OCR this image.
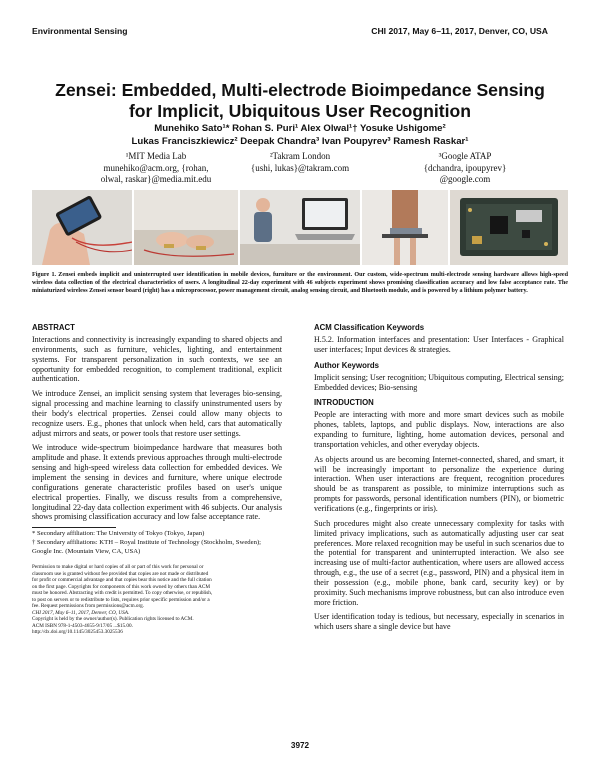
Environmental Sensing	CHI 2017, May 6–11, 2017, Denver, CO, USA
Zensei: Embedded, Multi-electrode Bioimpedance Sensing
for Implicit, Ubiquitous User Recognition
Munehiko Sato¹* Rohan S. Puri¹ Alex Olwal¹† Yosuke Ushigome²
Lukas Franciszkiewicz² Deepak Chandra³ Ivan Poupyrev³ Ramesh Raskar¹
¹MIT Media Lab
munehiko@acm.org, {rohan,
olwal, raskar}@media.mit.edu
²Takram London
{ushi, lukas}@takram.com
³Google ATAP
{dchandra, ipoupyrev}
@google.com
Figure 1. Zensei embeds implicit and uninterrupted user identification in mobile devices, furniture or the environment. Our custom, wide-spectrum multi-electrode sensing hardware allows high-speed wireless data collection of the electrical characteristics of users. A longitudinal 22-day experiment with 46 subjects experiment shows promising classification accuracy and low false acceptance rate. The miniaturized wireless Zensei sensor board (right) has a microprocessor, power management circuit, analog sensing circuit, and Bluetooth module, and is powered by a lithium polymer battery.
ABSTRACT

Interactions and connectivity is increasingly expanding to shared objects and environments, such as furniture, vehicles, lighting, and entertainment systems. For transparent personalization in such contexts, we see an opportunity for embedded recognition, to complement traditional, explicit authentication.

We introduce Zensei, an implicit sensing system that leverages bio-sensing, signal processing and machine learning to classify uninstrumented users by their body's electrical properties. Zensei could allow many objects to recognize users. E.g., phones that unlock when held, cars that automatically adjust mirrors and seats, or power tools that restore user settings.

We introduce wide-spectrum bioimpedance hardware that measures both amplitude and phase. It extends previous approaches through multi-electrode sensing and high-speed wireless data collection for embedded devices. We implement the sensing in devices and furniture, where unique electrode configurations generate characteristic profiles based on user's unique electrical properties. Finally, we discuss results from a comprehensive, longitudinal 22-day data collection experiment with 46 subjects. Our analysis shows promising classification accuracy and low false acceptance rate.

* Secondary affiliation: The University of Tokyo (Tokyo, Japan)

† Secondary affiliations: KTH – Royal Institute of Technology (Stockholm, Sweden); Google Inc. (Mountain View, CA, USA)

Permission to make digital or hard copies of all or part of this work for personal or
classroom use is granted without fee provided that copies are not made or distributed
for profit or commercial advantage and that copies bear this notice and the full citation
on the first page. Copyrights for components of this work owned by others than ACM
must be honored. Abstracting with credit is permitted. To copy otherwise, or republish,
to post on servers or to redistribute to lists, requires prior specific permission and/or a
fee. Request permissions from permissions@acm.org.
CHI 2017, May 6–11, 2017, Denver, CO, USA.
Copyright is held by the owner/author(s). Publication rights licensed to ACM.
ACM ISBN 978-1-4503-4655-9/17/05 ...$15.00.
http://dx.doi.org/10.1145/3025453.3025536
ACM Classification Keywords

H.5.2. Information interfaces and presentation: User Interfaces - Graphical user interfaces; Input devices & strategies.

Author Keywords

Implicit sensing; User recognition; Ubiquitous computing, Electrical sensing; Embedded devices; Bio-sensing

INTRODUCTION

People are interacting with more and more smart devices such as mobile phones, tablets, laptops, and public displays. Now, interactions are also expanding to furniture, lighting, home automation devices, personal and transportation vehicles, and other everyday objects.

As objects around us are becoming Internet-connected, shared, and smart, it will be increasingly important to personalize the experience during interaction. When user interactions are frequent, recognition procedures should be as transparent as possible, to minimize interruptions such as prompts for passwords, personal identification numbers (PIN), or biometric verifications (e.g., fingerprints or iris).

Such procedures might also create unnecessary complexity for tasks with limited privacy implications, such as automatically adjusting user car seat preferences. More relaxed recognition may be useful in such scenarios due to the potential for transparent and uninterrupted interaction. We also see increasing use of multi-factor authentication, where users are allowed access through, e.g., the use of a secret (e.g., password, PIN) and a physical item in their possession (e.g., mobile phone, bank card, security key) or by proximity. Such mechanisms improve robustness, but can also introduce even more friction.

User identification today is tedious, but necessary, especially in scenarios in which users share a single device but have

3972
